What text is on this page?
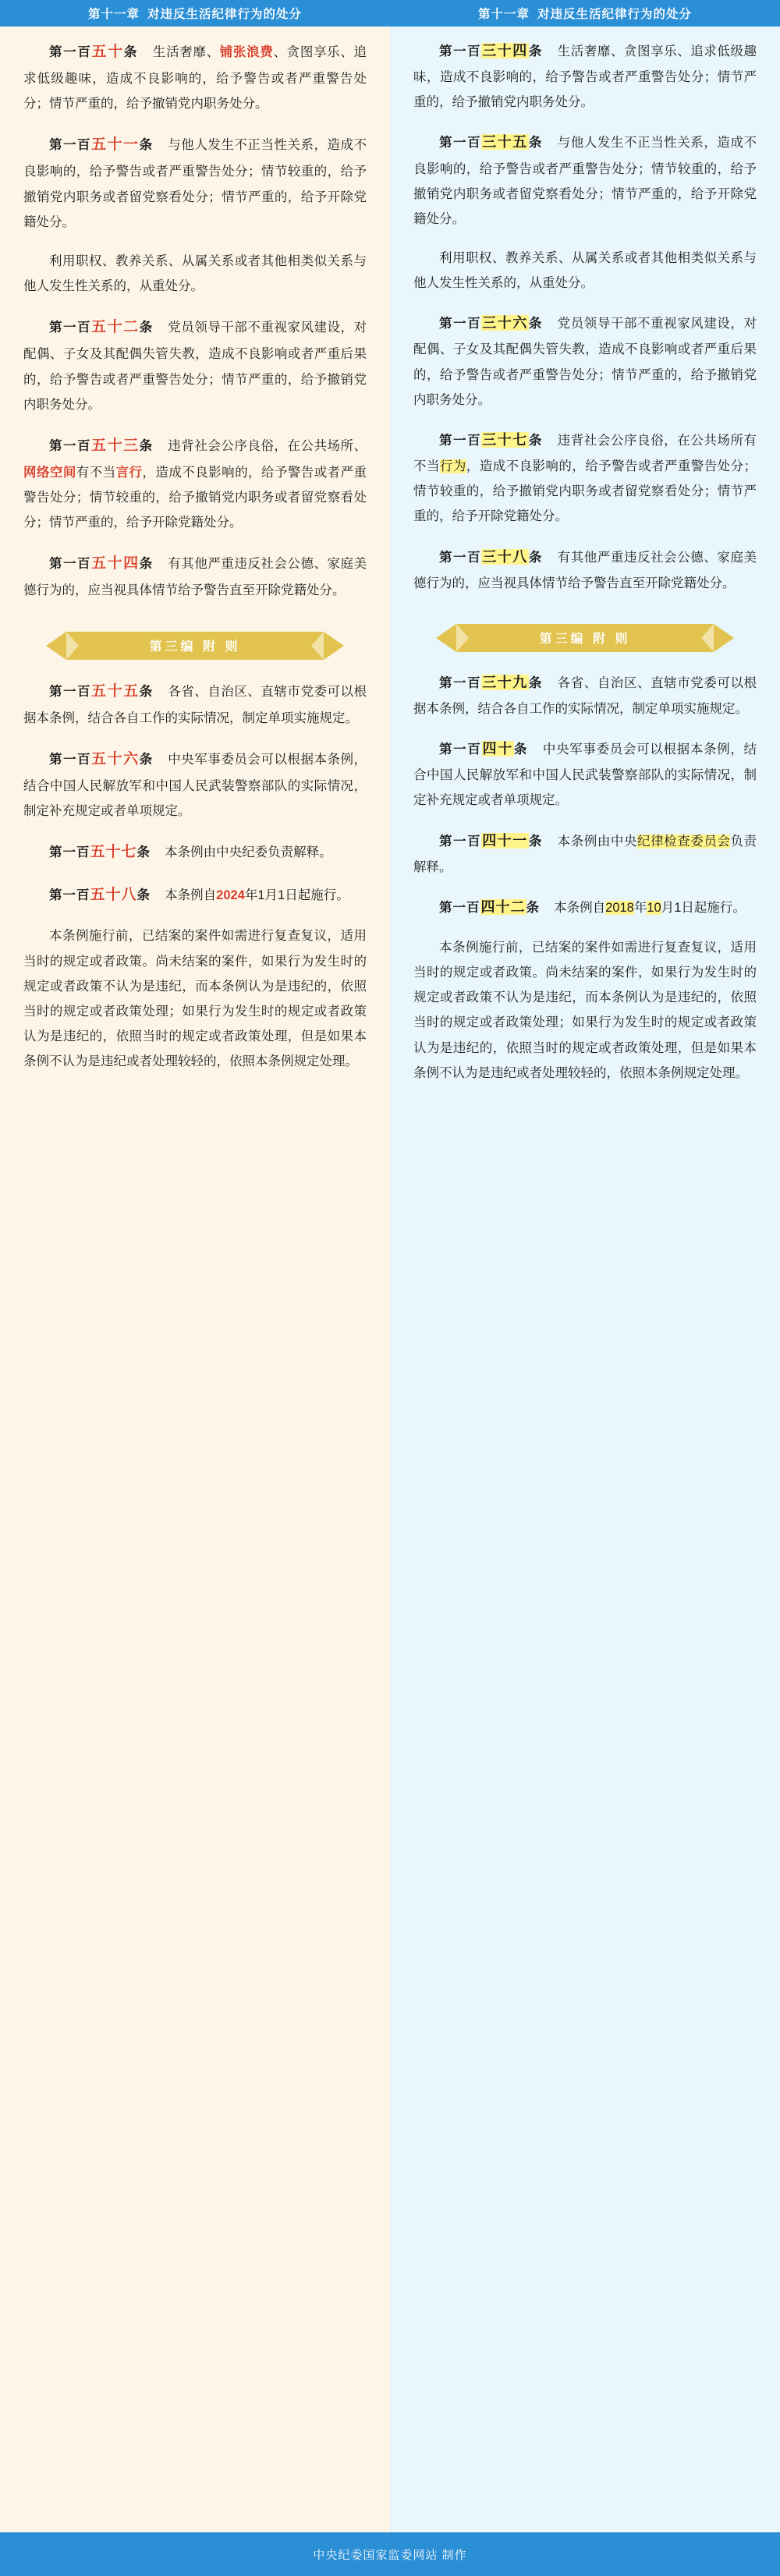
第十一章 对违反生活纪律行为的处分

第一百五十条 生活奢靡、铺张浪费、贪图享乐、追求低级趣味，造成不良影响的，给予警告或者严重警告处分；情节严重的，给予撤销党内职务处分。

第一百五十一条 与他人发生不正当性关系，造成不良影响的，给予警告或者严重警告处分；情节较重的，给予撤销党内职务或者留党察看处分；情节严重的，给予开除党籍处分。

利用职权、教养关系、从属关系或者其他相类似关系与他人发生性关系的，从重处分。

第一百五十二条 党员领导干部不重视家风建设，对配偶、子女及其配偶失管失教，造成不良影响或者严重后果的，给予警告或者严重警告处分；情节严重的，给予撤销党内职务处分。

第一百五十三条 违背社会公序良俗，在公共场所、网络空间有不当言行，造成不良影响的，给予警告或者严重警告处分；情节较重的，给予撤销党内职务或者留党察看处分；情节严重的，给予开除党籍处分。

第一百五十四条 有其他严重违反社会公德、家庭美德行为的，应当视具体情节给予警告直至开除党籍处分。

第三编 附 则

第一百五十五条 各省、自治区、直辖市党委可以根据本条例，结合各自工作的实际情况，制定单项实施规定。

第一百五十六条 中央军事委员会可以根据本条例，结合中国人民解放军和中国人民武装警察部队的实际情况，制定补充规定或者单项规定。

第一百五十七条 本条例由中央纪委负责解释。

第一百五十八条 本条例自2024年1月1日起施行。

本条例施行前，已结案的案件如需进行复查复议，适用当时的规定或者政策。尚未结案的案件，如果行为发生时的规定或者政策不认为是违纪，而本条例认为是违纪的，依照当时的规定或者政策处理；如果行为发生时的规定或者政策认为是违纪的，依照当时的规定或者政策处理，但是如果本条例不认为是违纪或者处理较轻的，依照本条例规定处理。

第十一章 对违反生活纪律行为的处分

第一百三十四条 生活奢靡、贪图享乐、追求低级趣味，造成不良影响的，给予警告或者严重警告处分；情节严重的，给予撤销党内职务处分。

第一百三十五条 与他人发生不正当性关系，造成不良影响的，给予警告或者严重警告处分；情节较重的，给予撤销党内职务或者留党察看处分；情节严重的，给予开除党籍处分。

利用职权、教养关系、从属关系或者其他相类似关系与他人发生性关系的，从重处分。

第一百三十六条 党员领导干部不重视家风建设，对配偶、子女及其配偶失管失教，造成不良影响或者严重后果的，给予警告或者严重警告处分；情节严重的，给予撤销党内职务处分。

第一百三十七条 违背社会公序良俗，在公共场所有不当行为，造成不良影响的，给予警告或者严重警告处分；情节较重的，给予撤销党内职务或者留党察看处分；情节严重的，给予开除党籍处分。

第一百三十八条 有其他严重违反社会公德、家庭美德行为的，应当视具体情节给予警告直至开除党籍处分。

第三编 附 则

第一百三十九条 各省、自治区、直辖市党委可以根据本条例，结合各自工作的实际情况，制定单项实施规定。

第一百四十条 中央军事委员会可以根据本条例，结合中国人民解放军和中国人民武装警察部队的实际情况，制定补充规定或者单项规定。

第一百四十一条 本条例由中央纪律检查委员会负责解释。

第一百四十二条 本条例自2018年10月1日起施行。

本条例施行前，已结案的案件如需进行复查复议，适用当时的规定或者政策。尚未结案的案件，如果行为发生时的规定或者政策不认为是违纪，而本条例认为是违纪的，依照当时的规定或者政策处理；如果行为发生时的规定或者政策认为是违纪的，依照当时的规定或者政策处理，但是如果本条例不认为是违纪或者处理较轻的，依照本条例规定处理。

中央纪委国家监委网站 制作
